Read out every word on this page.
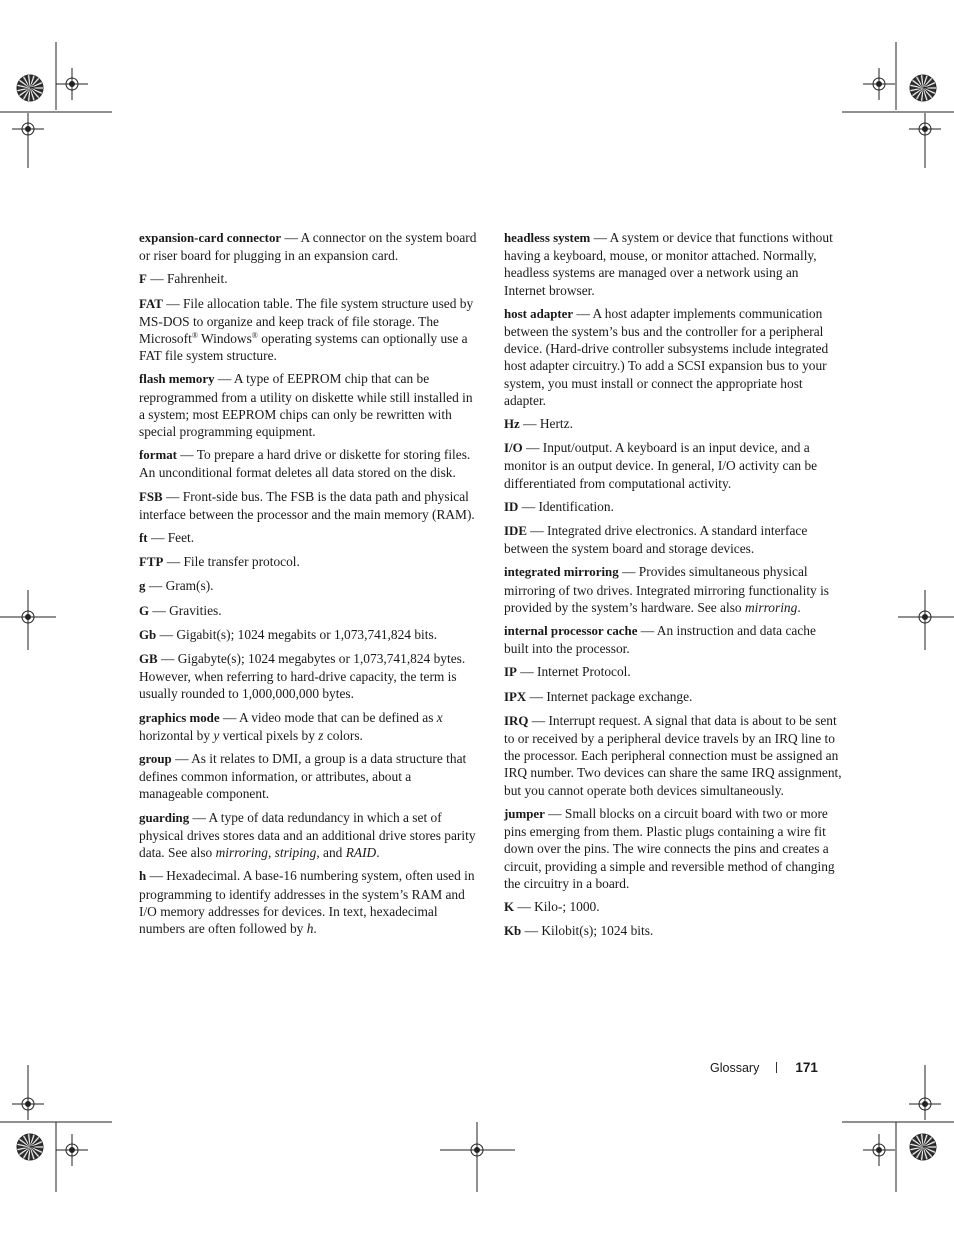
expansion-card connector — A connector on the system board or riser board for plugging in an expansion card.

F — Fahrenheit.

FAT — File allocation table. The file system structure used by MS-DOS to organize and keep track of file storage. The Microsoft® Windows® operating systems can optionally use a FAT file system structure.

flash memory — A type of EEPROM chip that can be reprogrammed from a utility on diskette while still installed in a system; most EEPROM chips can only be rewritten with special programming equipment.

format — To prepare a hard drive or diskette for storing files. An unconditional format deletes all data stored on the disk.

FSB — Front-side bus. The FSB is the data path and physical interface between the processor and the main memory (RAM).

ft — Feet.

FTP — File transfer protocol.

g — Gram(s).

G — Gravities.

Gb — Gigabit(s); 1024 megabits or 1,073,741,824 bits.

GB — Gigabyte(s); 1024 megabytes or 1,073,741,824 bytes. However, when referring to hard-drive capacity, the term is usually rounded to 1,000,000,000 bytes.

graphics mode — A video mode that can be defined as x horizontal by y vertical pixels by z colors.

group — As it relates to DMI, a group is a data structure that defines common information, or attributes, about a manageable component.

guarding — A type of data redundancy in which a set of physical drives stores data and an additional drive stores parity data. See also mirroring, striping, and RAID.

h — Hexadecimal. A base-16 numbering system, often used in programming to identify addresses in the system’s RAM and I/O memory addresses for devices. In text, hexadecimal numbers are often followed by h.

headless system — A system or device that functions without having a keyboard, mouse, or monitor attached. Normally, headless systems are managed over a network using an Internet browser.

host adapter — A host adapter implements communication between the system’s bus and the controller for a peripheral device. (Hard-drive controller subsystems include integrated host adapter circuitry.) To add a SCSI expansion bus to your system, you must install or connect the appropriate host adapter.

Hz — Hertz.

I/O — Input/output. A keyboard is an input device, and a monitor is an output device. In general, I/O activity can be differentiated from computational activity.

ID — Identification.

IDE — Integrated drive electronics. A standard interface between the system board and storage devices.

integrated mirroring — Provides simultaneous physical mirroring of two drives. Integrated mirroring functionality is provided by the system’s hardware. See also mirroring.

internal processor cache — An instruction and data cache built into the processor.

IP — Internet Protocol.

IPX — Internet package exchange.

IRQ — Interrupt request. A signal that data is about to be sent to or received by a peripheral device travels by an IRQ line to the processor. Each peripheral connection must be assigned an IRQ number. Two devices can share the same IRQ assignment, but you cannot operate both devices simultaneously.

jumper — Small blocks on a circuit board with two or more pins emerging from them. Plastic plugs containing a wire fit down over the pins. The wire connects the pins and creates a circuit, providing a simple and reversible method of changing the circuitry in a board.

K — Kilo-; 1000.

Kb — Kilobit(s); 1024 bits.

Glossary	171
